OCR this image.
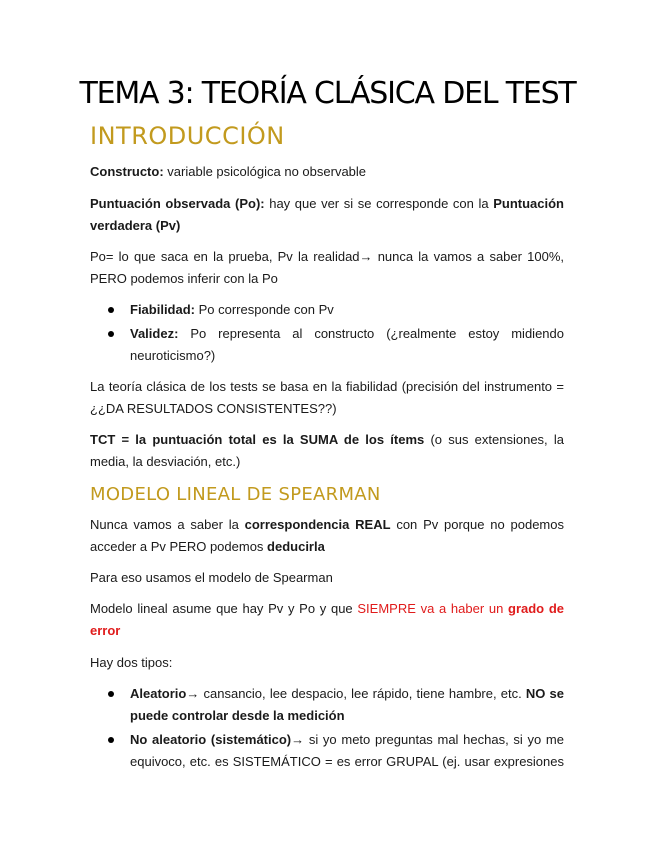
TEMA 3: TEORÍA CLÁSICA DEL TEST
INTRODUCCIÓN
Constructo: variable psicológica no observable
Puntuación observada (Po): hay que ver si se corresponde con la Puntuación
verdadera (Pv)
Po= lo que saca en la prueba, Pv la realidad→ nunca la vamos a saber 100%,
PERO podemos inferir con la Po
Fiabilidad: Po corresponde con Pv
Validez: Po representa al constructo (¿realmente estoy midiendo
neuroticismo?)
La teoría clásica de los tests se basa en la fiabilidad (precisión del instrumento =
¿¿DA RESULTADOS CONSISTENTES??)
TCT = la puntuación total es la SUMA de los ítems (o sus extensiones, la
media, la desviación, etc.)
MODELO LINEAL DE SPEARMAN
Nunca vamos a saber la correspondencia REAL con Pv porque no podemos
acceder a Pv PERO podemos deducirla
Para eso usamos el modelo de Spearman
Modelo lineal asume que hay Pv y Po y que SIEMPRE va a haber un grado de
error
Hay dos tipos:
Aleatorio→ cansancio, lee despacio, lee rápido, tiene hambre, etc. NO se
puede controlar desde la medición
No aleatorio (sistemático)→ si yo meto preguntas mal hechas, si yo me
equivoco, etc. es SISTEMÁTICO = es error GRUPAL (ej. usar expresiones
